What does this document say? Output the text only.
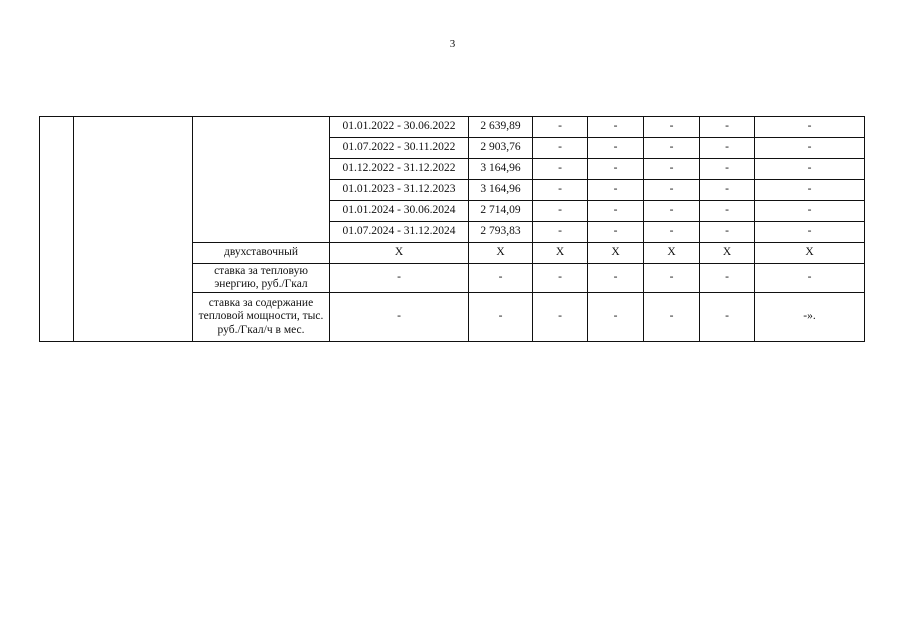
3
			01.01.2022 - 30.06.2022	2 639,89	-	-	-	-	-
			01.07.2022 - 30.11.2022	2 903,76	-	-	-	-	-
			01.12.2022 - 31.12.2022	3 164,96	-	-	-	-	-
			01.01.2023 - 31.12.2023	3 164,96	-	-	-	-	-
			01.01.2024 - 30.06.2024	2 714,09	-	-	-	-	-
			01.07.2024 - 31.12.2024	2 793,83	-	-	-	-	-
		двухставочный	X	X	X	X	X	X	X
		ставка за тепловую энергию, руб./Гкал	-	-	-	-	-	-	-
		ставка за содержание тепловой мощности, тыс. руб./Гкал/ч в мес.	-	-	-	-	-	-	-».
